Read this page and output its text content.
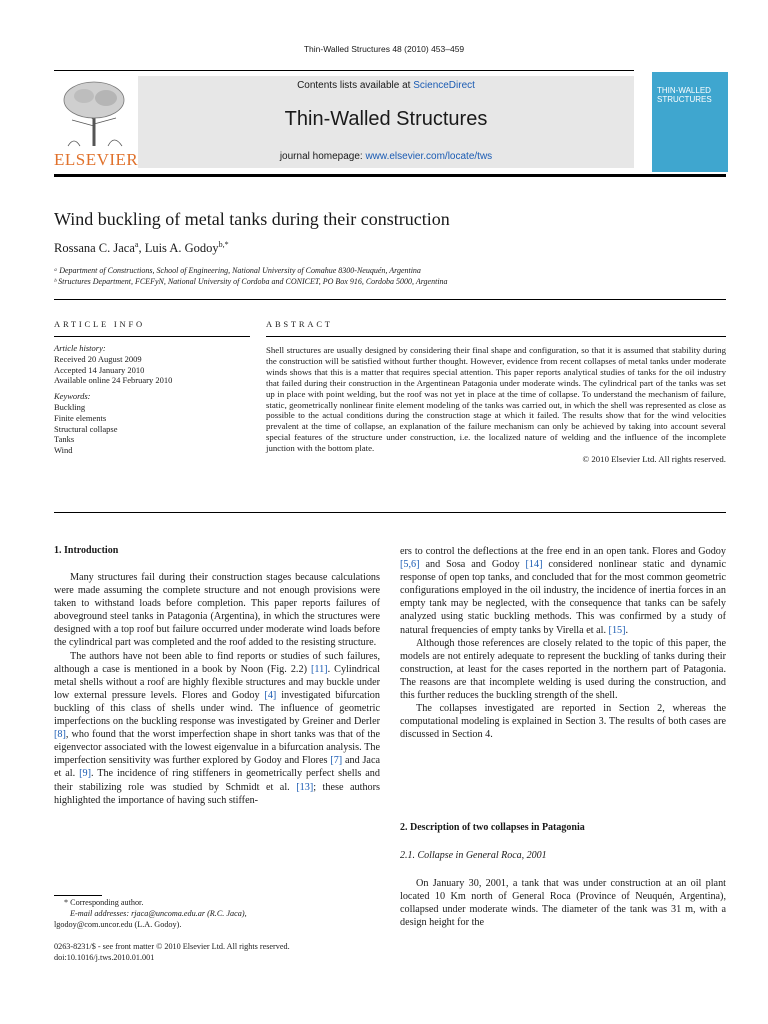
Thin-Walled Structures 48 (2010) 453–459
ELSEVIER
Contents lists available at ScienceDirect
Thin-Walled Structures
journal homepage: www.elsevier.com/locate/tws
THIN-WALLED STRUCTURES
Wind buckling of metal tanks during their construction
Rossana C. Jaca$^a$, Luis A. Godoy$^{b,*}$
ᵃ Department of Constructions, School of Engineering, National University of Comahue 8300-Neuquén, Argentina
ᵇ Structures Department, FCEFyN, National University of Cordoba and CONICET, PO Box 916, Cordoba 5000, Argentina
ARTICLE INFO	ABSTRACT
Article history:
Received 20 August 2009
Accepted 14 January 2010
Available online 24 February 2010
Keywords:
Buckling
Finite elements
Structural collapse
Tanks
Wind
Shell structures are usually designed by considering their final shape and configuration, so that it is assumed that stability during the construction will be satisfied without further thought. However, evidence from recent collapses of metal tanks under moderate winds shows that this is a matter that requires special attention. This paper reports analytical studies of tanks for the oil industry that failed during their construction in the Argentinean Patagonia under moderate winds. The cylindrical part of the tanks was set up in place with point welding, but the roof was not yet in place at the time of collapse. To understand the mechanism of failure, static, geometrically nonlinear finite element modeling of the tanks was carried out, in which the shell was represented as close as possible to the actual conditions during the construction stage at which it failed. The results show that for the wind velocities prevalent at the time of collapse, an explanation of the failure mechanism can only be achieved by taking into account several special features of the structure under construction, i.e. the localized nature of welding and the influence of the incomplete junction with the bottom plate.
© 2010 Elsevier Ltd. All rights reserved.
1. Introduction

Many structures fail during their construction stages because calculations were made assuming the complete structure and not enough provisions were taken to withstand loads before completion. This paper reports failures of aboveground steel tanks in Patagonia (Argentina), in which the structures were designed with a top roof but failure occurred under moderate wind loads before the cylindrical part was completed and the roof added to the resisting structure.

The authors have not been able to find reports or studies of such failures, although a case is mentioned in a book by Noon (Fig. 2.2) [11]. Cylindrical metal shells without a roof are highly flexible structures and may buckle under low external pressure levels. Flores and Godoy [4] investigated bifurcation buckling of this class of shells under wind. The influence of geometric imperfections on the buckling response was investigated by Greiner and Derler [8], who found that the worst imperfection shape in short tanks was that of the eigenvector associated with the lowest eigenvalue in a bifurcation analysis. The imperfection sensitivity was further explored by Godoy and Flores [7] and Jaca et al. [9]. The incidence of ring stiffeners in geometrically perfect shells and their stabilizing role was studied by Schmidt et al. [13]; these authors highlighted the importance of having such stiffen-

ers to control the deflections at the free end in an open tank. Flores and Godoy [5,6] and Sosa and Godoy [14] considered nonlinear static and dynamic response of open top tanks, and concluded that for the most common geometric configurations employed in the oil industry, the incidence of inertia forces in an empty tank may be neglected, with the consequence that tanks can be safely analyzed using static buckling methods. This was confirmed by a study of natural frequencies of empty tanks by Virella et al. [15].

Although those references are closely related to the topic of this paper, the models are not entirely adequate to represent the buckling of tanks during their construction, at least for the cases reported in the northern part of Patagonia. The reasons are that incomplete welding is used during the construction, and this further reduces the buckling strength of the shell.

The collapses investigated are reported in Section 2, whereas the computational modeling is explained in Section 3. The results of both cases are discussed in Section 4.

2. Description of two collapses in Patagonia
2.1. Collapse in General Roca, 2001

On January 30, 2001, a tank that was under construction at an oil plant located 10 Km north of General Roca (Province of Neuquén, Argentina), collapsed under moderate winds. The diameter of the tank was 31 m, with a design height for the

* Corresponding author.
E-mail addresses: rjaca@uncoma.edu.ar (R.C. Jaca),
lgodoy@com.uncor.edu (L.A. Godoy).
0263-8231/$ - see front matter © 2010 Elsevier Ltd. All rights reserved.
doi:10.1016/j.tws.2010.01.001
